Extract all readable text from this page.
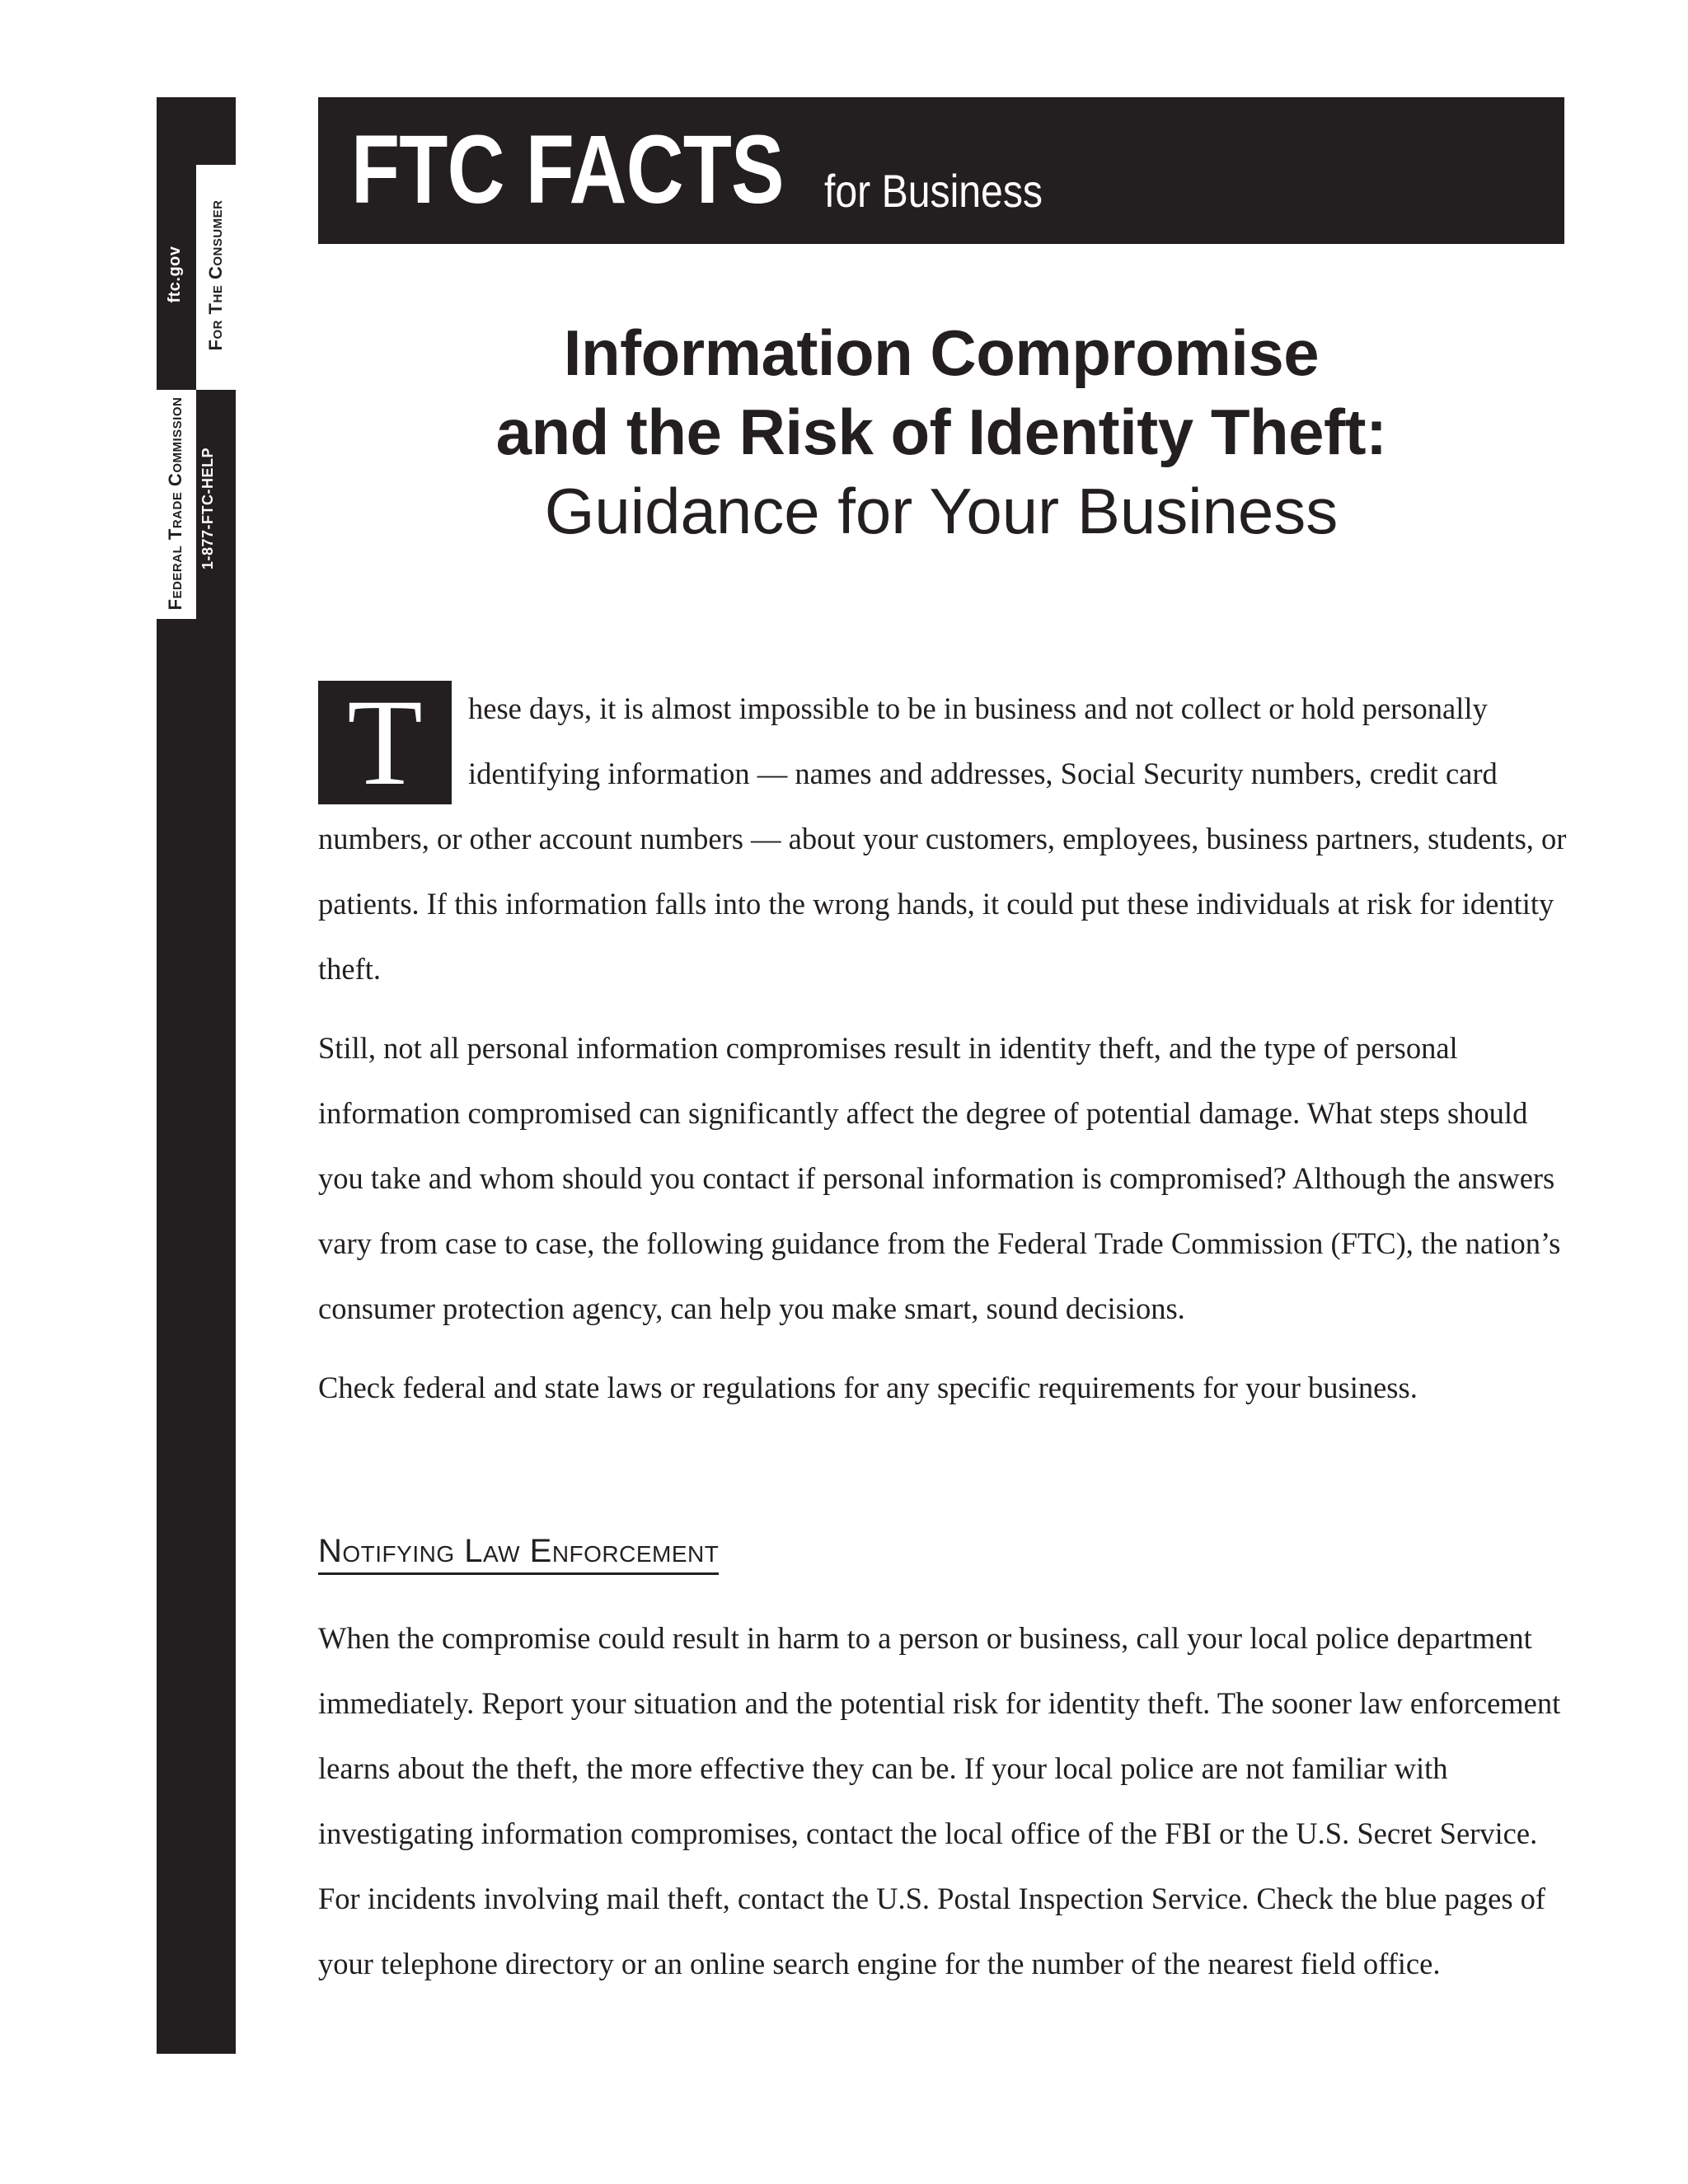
ftc.gov For The Consumer
1-877-FTC-HELP
Federal Trade Commission
FTC FACTS for Business
Information Compromise
and the Risk of Identity Theft:
Guidance for Your Business

T	hese days, it is almost impossible to be in business and not collect or hold personally identifying information — names and addresses, Social Security numbers, credit card numbers, or other account numbers — about your customers, employees, business partners, students, or patients. If this information falls into the wrong hands, it could put these individuals at risk for identity theft.

Still, not all personal information compromises result in identity theft, and the type of personal information compromised can significantly affect the degree of potential damage. What steps should you take and whom should you contact if personal information is compromised? Although the answers vary from case to case, the following guidance from the Federal Trade Commission (FTC), the nation’s consumer protection agency, can help you make smart, sound decisions.

Check federal and state laws or regulations for any specific requirements for your business.

Notifying Law Enforcement

When the compromise could result in harm to a person or business, call your local police department immediately. Report your situation and the potential risk for identity theft. The sooner law enforcement learns about the theft, the more effective they can be. If your local police are not familiar with investigating information compromises, contact the local office of the FBI or the U.S. Secret Service. For incidents involving mail theft, contact the U.S. Postal Inspection Service. Check the blue pages of your telephone directory or an online search engine for the number of the nearest field office.
